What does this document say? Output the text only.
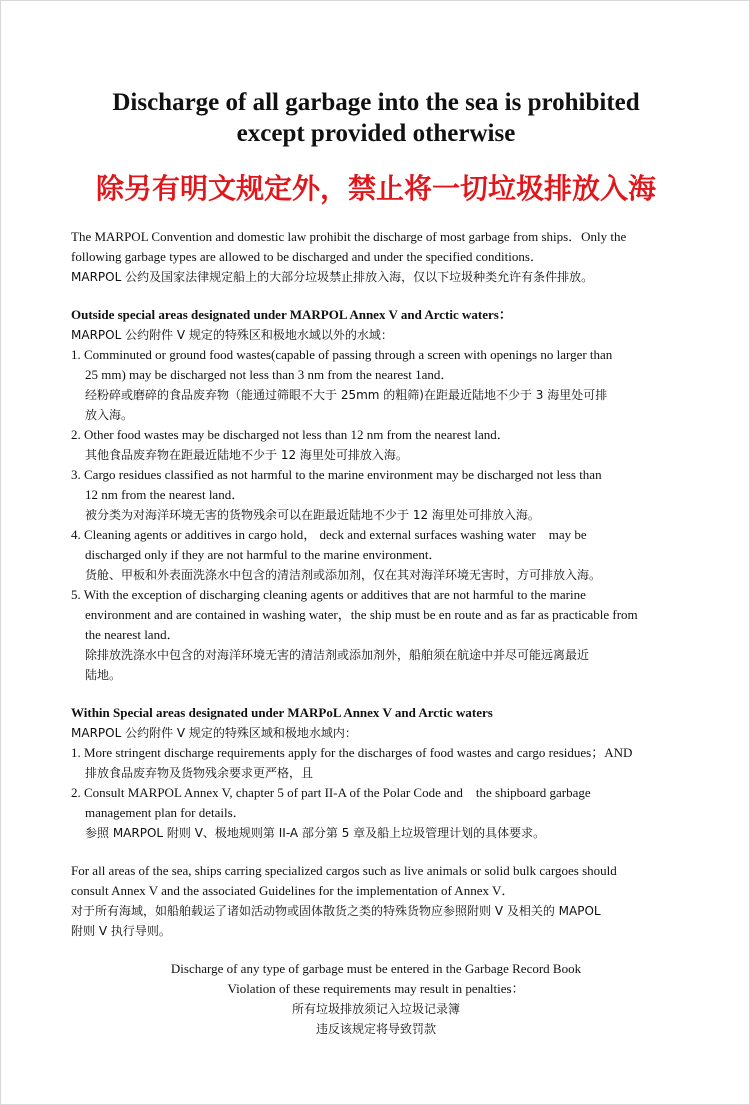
Discharge of all garbage into the sea is prohibited
except provided otherwise
除另有明文规定外，禁止将一切垃圾排放入海

The MARPOL Convention and domestic law prohibit the discharge of most garbage from ships．Only the

following garbage types are allowed to be discharged and under the specified conditions．

MARPOL 公约及国家法律规定船上的大部分垃圾禁止排放入海，仅以下垃圾种类允许有条件排放。

Outside special areas designated under MARPOL Annex V and Arctic waters：

MARPOL 公约附件 V 规定的特殊区和极地水域以外的水域：

1. Comminuted or ground food wastes(capable of passing through a screen with openings no larger than

25 mm) may be discharged not less than 3 nm from the nearest 1and．

经粉碎或磨碎的食品废弃物（能通过筛眼不大于 25mm 的粗筛)在距最近陆地不少于 3 海里处可排

放入海。

2. Other food wastes may be discharged not less than 12 nm from the nearest land．

其他食品废弃物在距最近陆地不少于 12 海里处可排放入海。

3. Cargo residues classified as not harmful to the marine environment may be discharged not less than

12 nm from the nearest land．

被分类为对海洋环境无害的货物残余可以在距最近陆地不少于 12 海里处可排放入海。

4. Cleaning agents or additives in cargo hold， deck and external surfaces washing water　may be

discharged only if they are not harmful to the marine environment．

货舱、甲板和外表面洗涤水中包含的清洁剂或添加剂，仅在其对海洋环境无害时，方可排放入海。

5. With the exception of discharging cleaning agents or additives that are not harmful to the marine

environment and are contained in washing water，the ship must be en route and as far as practicable from

the nearest land．

除排放洗涤水中包含的对海洋环境无害的清洁剂或添加剂外，船舶须在航途中并尽可能远离最近

陆地。

Within Special areas designated under MARPoL Annex V and Arctic waters

MARPOL 公约附件 V 规定的特殊区域和极地水域内：

1. More stringent discharge requirements apply for the discharges of food wastes and cargo residues；AND

排放食品废弃物及货物残余要求更严格，且

2. Consult MARPOL Annex V, chapter 5 of part II-A of the Polar Code and　the shipboard garbage

management plan for details．

参照 MARPOL 附则 V、极地规则第 II-A 部分第 5 章及船上垃圾管理计划的具体要求。

For all areas of the sea, ships carring specialized cargos such as live animals or solid bulk cargoes should

consult Annex V and the associated Guidelines for the implementation of Annex V．

对于所有海域，如船舶载运了诸如活动物或固体散货之类的特殊货物应参照附则 V 及相关的 MAPOL

附则 V 执行导则。

Discharge of any type of garbage must be entered in the Garbage Record Book

Violation of these requirements may result in penalties：

所有垃圾排放须记入垃圾记录簿

违反该规定将导致罚款
